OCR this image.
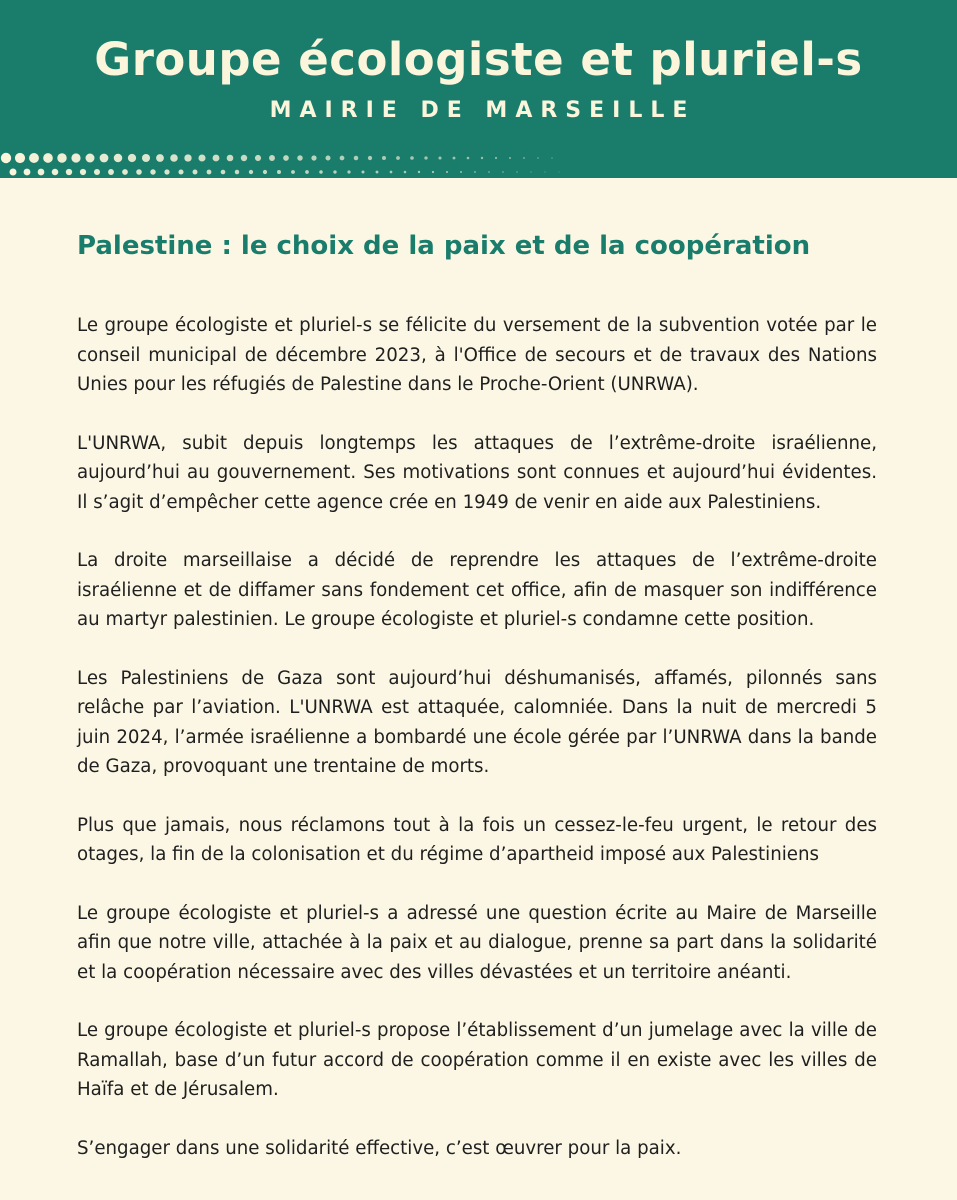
Groupe écologiste et pluriel-s
MAIRIE DE MARSEILLE
Palestine : le choix de la paix et de la coopération

Le groupe écologiste et pluriel-s se félicite du versement de la subvention votée par le conseil municipal de décembre 2023, à l'Office de secours et de travaux des Nations Unies pour les réfugiés de Palestine dans le Proche-Orient (UNRWA).

L'UNRWA, subit depuis longtemps les attaques de l’extrême-droite israélienne, aujourd’hui au gouvernement. Ses motivations sont connues et aujourd’hui évidentes. Il s’agit d’empêcher cette agence crée en 1949 de venir en aide aux Palestiniens.

La droite marseillaise a décidé de reprendre les attaques de l’extrême-droite israélienne et de diffamer sans fondement cet office, afin de masquer son indifférence au martyr palestinien. Le groupe écologiste et pluriel-s condamne cette position.

Les Palestiniens de Gaza sont aujourd’hui déshumanisés, affamés, pilonnés sans relâche par l’aviation. L'UNRWA est attaquée, calomniée. Dans la nuit de mercredi 5 juin 2024, l’armée israélienne a bombardé une école gérée par l’UNRWA dans la bande de Gaza, provoquant une trentaine de morts.

Plus que jamais, nous réclamons tout à la fois un cessez-le-feu urgent, le retour des otages, la fin de la colonisation et du régime d’apartheid imposé aux Palestiniens

Le groupe écologiste et pluriel-s a adressé une question écrite au Maire de Marseille afin que notre ville, attachée à la paix et au dialogue, prenne sa part dans la solidarité et la coopération nécessaire avec des villes dévastées et un territoire anéanti.

Le groupe écologiste et pluriel-s propose l’établissement d’un jumelage avec la ville de Ramallah, base d’un futur accord de coopération comme il en existe avec les villes de Haïfa et de Jérusalem.

S’engager dans une solidarité effective, c’est œuvrer pour la paix.
